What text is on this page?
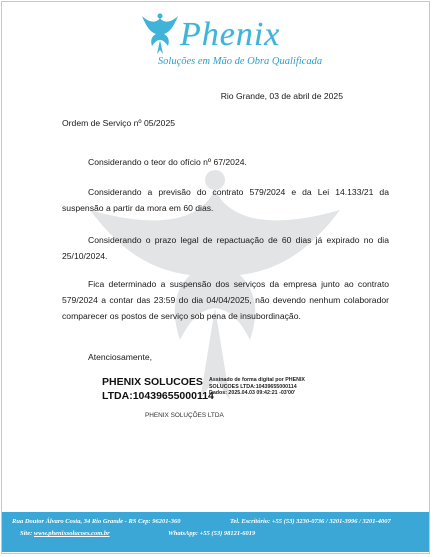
Phenix
Soluções em Mão de Obra Qualificada
Rio Grande, 03 de abril de 2025
Ordem de Serviço nº 05/2025
Considerando o teor do ofício nº 67/2024.
Considerando a previsão do contrato 579/2024 e da Lei 14.133/21 da suspensão a partir da mora em 60 dias.
Considerando o prazo legal de repactuação de 60 dias já expirado no dia 25/10/2024.
Fica determinado a suspensão dos serviços da empresa junto ao contrato 579/2024 a contar das 23:59 do dia 04/04/2025, não devendo nenhum colaborador comparecer os postos de serviço sob pena de insubordinação.
Atenciosamente,
PHENIX SOLUCOES
LTDA:10439655000114
Assinado de forma digital por PHENIX
SOLUCOES LTDA:10439655000114
Dados: 2025.04.03 09:42:21 -03'00'
PHENIX SOLUÇÕES LTDA
Rua Doutor Álvaro Costa, 34 Rio Grande - RS Cep: 96201-360	Tel. Escritório: +55 (53) 3230-0736 / 3201-3996 / 3201-4007
Site: www.phenixsolucoes.com.br	WhatsApp: +55 (53) 98121-6019
